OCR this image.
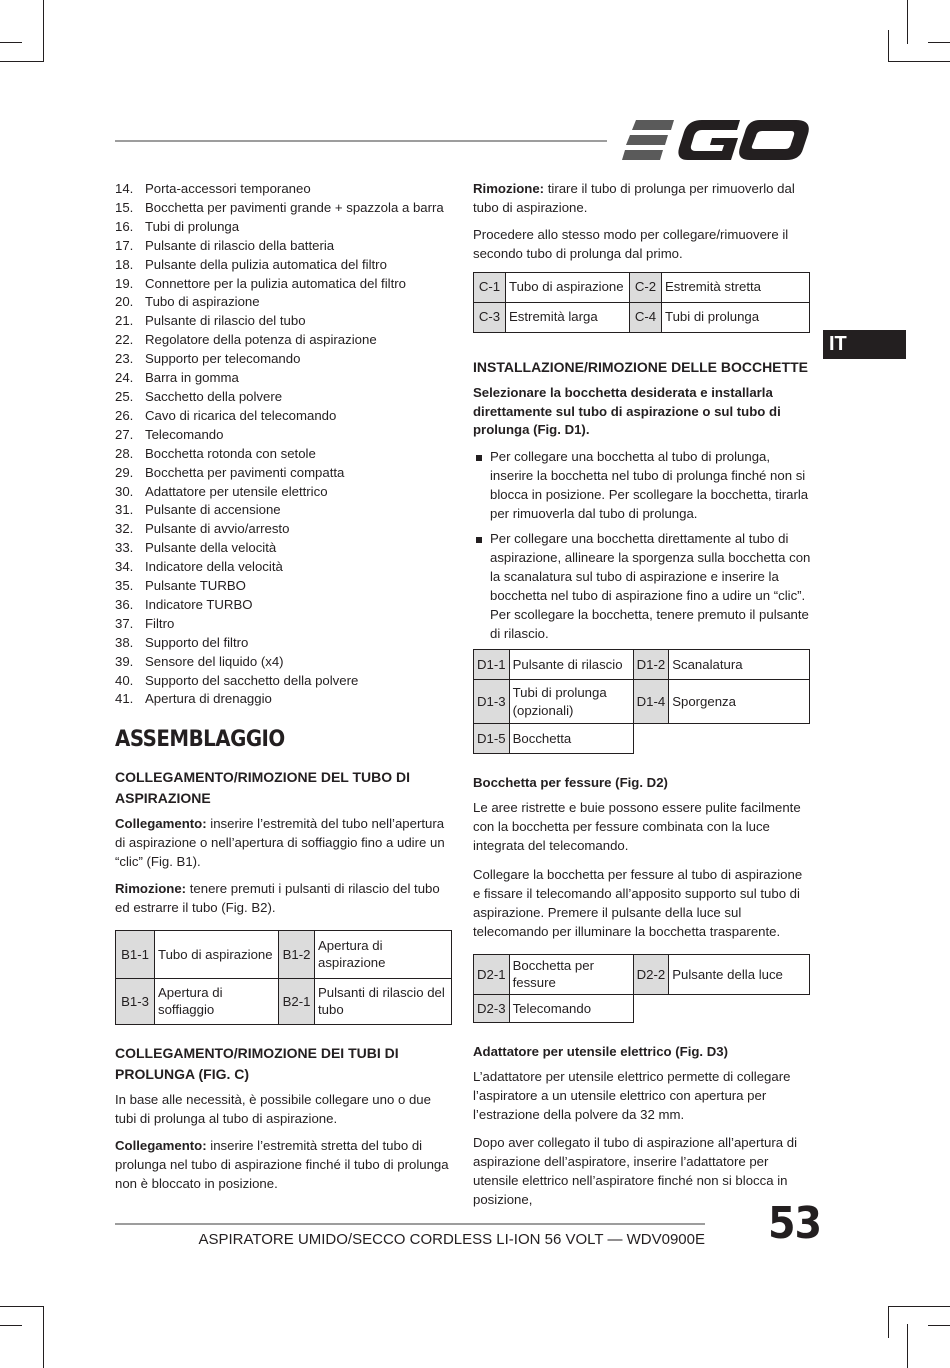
IT
14. Porta-accessori temporaneo
15. Bocchetta per pavimenti grande + spazzola a barra
16. Tubi di prolunga
17. Pulsante di rilascio della batteria
18. Pulsante della pulizia automatica del filtro
19. Connettore per la pulizia automatica del filtro
20. Tubo di aspirazione
21. Pulsante di rilascio del tubo
22. Regolatore della potenza di aspirazione
23. Supporto per telecomando
24. Barra in gomma
25. Sacchetto della polvere
26. Cavo di ricarica del telecomando
27. Telecomando
28. Bocchetta rotonda con setole
29. Bocchetta per pavimenti compatta
30. Adattatore per utensile elettrico
31. Pulsante di accensione
32. Pulsante di avvio/arresto
33. Pulsante della velocità
34. Indicatore della velocità
35. Pulsante TURBO
36. Indicatore TURBO
37. Filtro
38. Supporto del filtro
39. Sensore del liquido (x4)
40. Supporto del sacchetto della polvere
41. Apertura di drenaggio
ASSEMBLAGGIO
COLLEGAMENTO/RIMOZIONE DEL TUBO DI ASPIRAZIONE

Collegamento: inserire l’estremità del tubo nell’apertura di aspirazione o nell’apertura di soffiaggio fino a udire un “clic” (Fig. B1).

Rimozione: tenere premuti i pulsanti di rilascio del tubo ed estrarre il tubo (Fig. B2).

B1-1	Tubo di aspirazione	B1-2	Apertura di aspirazione
B1-3	Apertura di soffiaggio	B2-1	Pulsanti di rilascio del tubo
COLLEGAMENTO/RIMOZIONE DEI TUBI DI PROLUNGA (FIG. C)

In base alle necessità, è possibile collegare uno o due tubi di prolunga al tubo di aspirazione.

Collegamento: inserire l’estremità stretta del tubo di prolunga nel tubo di aspirazione finché il tubo di prolunga non è bloccato in posizione.

Rimozione: tirare il tubo di prolunga per rimuoverlo dal tubo di aspirazione.

Procedere allo stesso modo per collegare/rimuovere il secondo tubo di prolunga dal primo.

C-1	Tubo di aspirazione	C-2	Estremità stretta
C-3	Estremità larga	C-4	Tubi di prolunga
INSTALLAZIONE/RIMOZIONE DELLE BOCCHETTE

Selezionare la bocchetta desiderata e installarla direttamente sul tubo di aspirazione o sul tubo di prolunga (Fig. D1).

Per collegare una bocchetta al tubo di prolunga, inserire la bocchetta nel tubo di prolunga finché non si blocca in posizione. Per scollegare la bocchetta, tirarla per rimuoverla dal tubo di prolunga.
Per collegare una bocchetta direttamente al tubo di aspirazione, allineare la sporgenza sulla bocchetta con la scanalatura sul tubo di aspirazione e inserire la bocchetta nel tubo di aspirazione fino a udire un “clic”. Per scollegare la bocchetta, tenere premuto il pulsante di rilascio.
D1-1	Pulsante di rilascio	D1-2	Scanalatura
D1-3	Tubi di prolunga (opzionali)	D1-4	Sporgenza
D1-5	Bocchetta		
Bocchetta per fessure (Fig. D2)

Le aree ristrette e buie possono essere pulite facilmente con la bocchetta per fessure combinata con la luce integrata del telecomando.

Collegare la bocchetta per fessure al tubo di aspirazione e fissare il telecomando all’apposito supporto sul tubo di aspirazione. Premere il pulsante della luce sul telecomando per illuminare la bocchetta trasparente.

D2-1	Bocchetta per fessure	D2-2	Pulsante della luce
D2-3	Telecomando		
Adattatore per utensile elettrico (Fig. D3)

L’adattatore per utensile elettrico permette di collegare l’aspiratore a un utensile elettrico con apertura per l’estrazione della polvere da 32 mm.

Dopo aver collegato il tubo di aspirazione all’apertura di aspirazione dell’aspiratore, inserire l’adattatore per utensile elettrico nell’aspiratore finché non si blocca in posizione,

ASPIRATORE UMIDO/SECCO CORDLESS LI-ION 56 VOLT — WDV0900E 53
